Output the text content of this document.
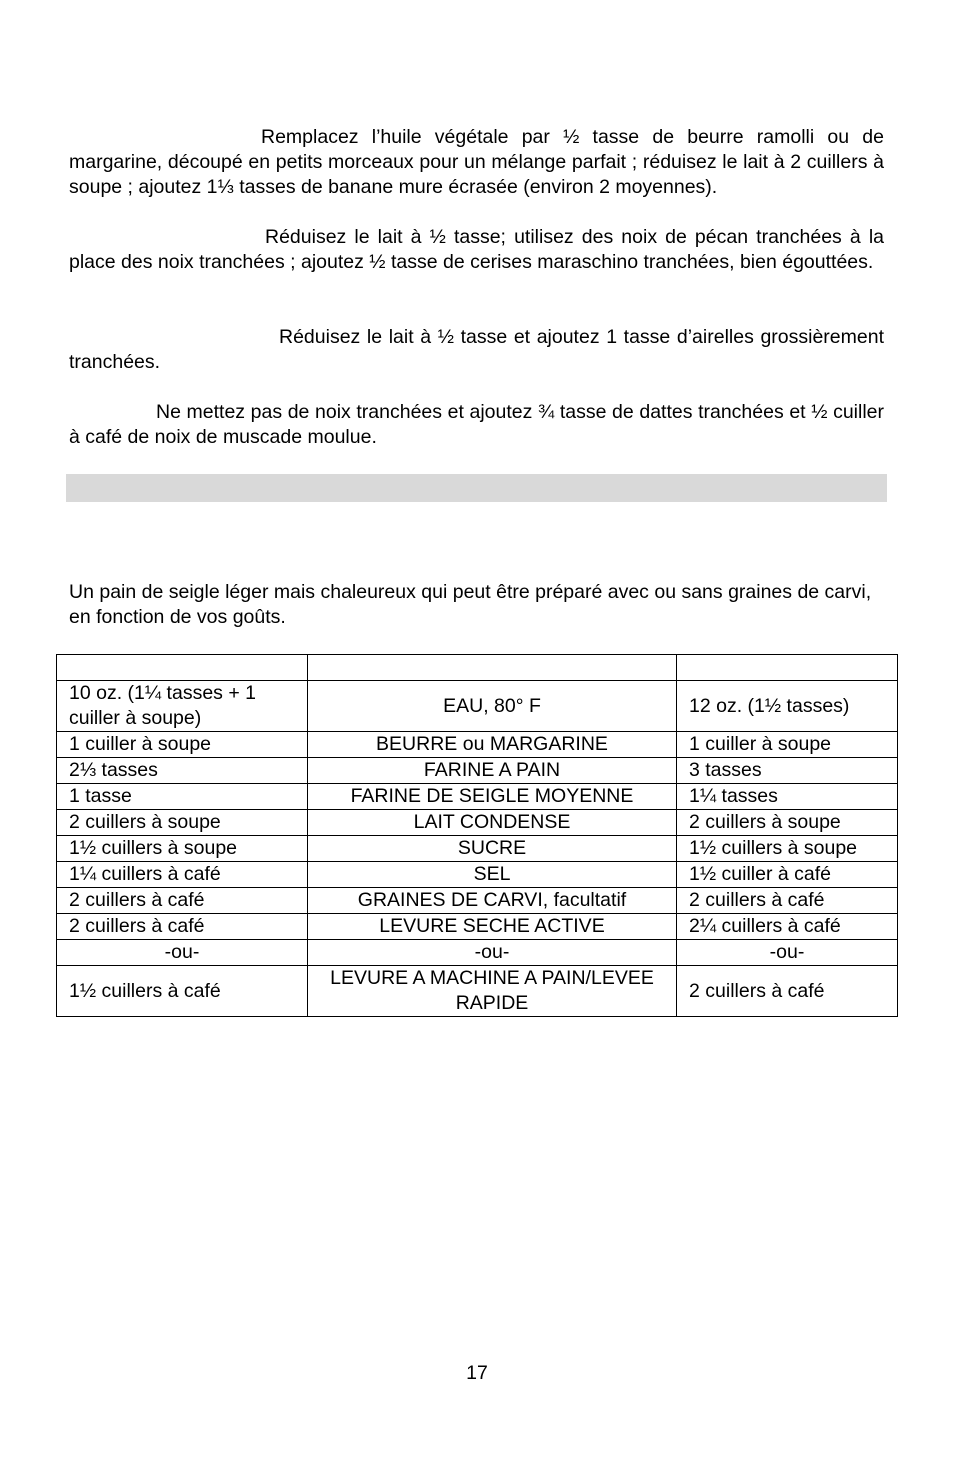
Remplacez l’huile végétale par ½ tasse de beurre ramolli ou de margarine, découpé en petits morceaux pour un mélange parfait ; réduisez le lait à 2 cuillers à soupe ; ajoutez 1⅓ tasses de banane mure écrasée (environ 2 moyennes).

Réduisez le lait à ½ tasse; utilisez des noix de pécan tranchées à la place des noix tranchées ; ajoutez ½ tasse de cerises maraschino tranchées, bien égouttées.

Réduisez le lait à ½ tasse et ajoutez 1 tasse d’airelles grossièrement tranchées.

Ne mettez pas de noix tranchées et ajoutez ¾ tasse de dattes tranchées et ½ cuiller à café de noix de muscade moulue.

Un pain de seigle léger mais chaleureux qui peut être préparé avec ou sans graines de carvi, en fonction de vos goûts.

10 oz. (1¼ tasses + 1 cuiller à soupe)	EAU, 80° F	12 oz. (1½ tasses)
1 cuiller à soupe	BEURRE ou MARGARINE	1 cuiller à soupe
2⅓ tasses	FARINE A PAIN	3 tasses
1 tasse	FARINE DE SEIGLE MOYENNE	1¼ tasses
2 cuillers à soupe	LAIT CONDENSE	2 cuillers à soupe
1½ cuillers à soupe	SUCRE	1½ cuillers à soupe
1¼ cuillers à café	SEL	1½ cuiller à café
2 cuillers à café	GRAINES DE CARVI, facultatif	2 cuillers à café
2 cuillers à café	LEVURE SECHE ACTIVE	2¼ cuillers à café
-ou-	-ou-	-ou-
1½ cuillers à café	LEVURE A MACHINE A PAIN/LEVEE RAPIDE	2 cuillers à café
17
